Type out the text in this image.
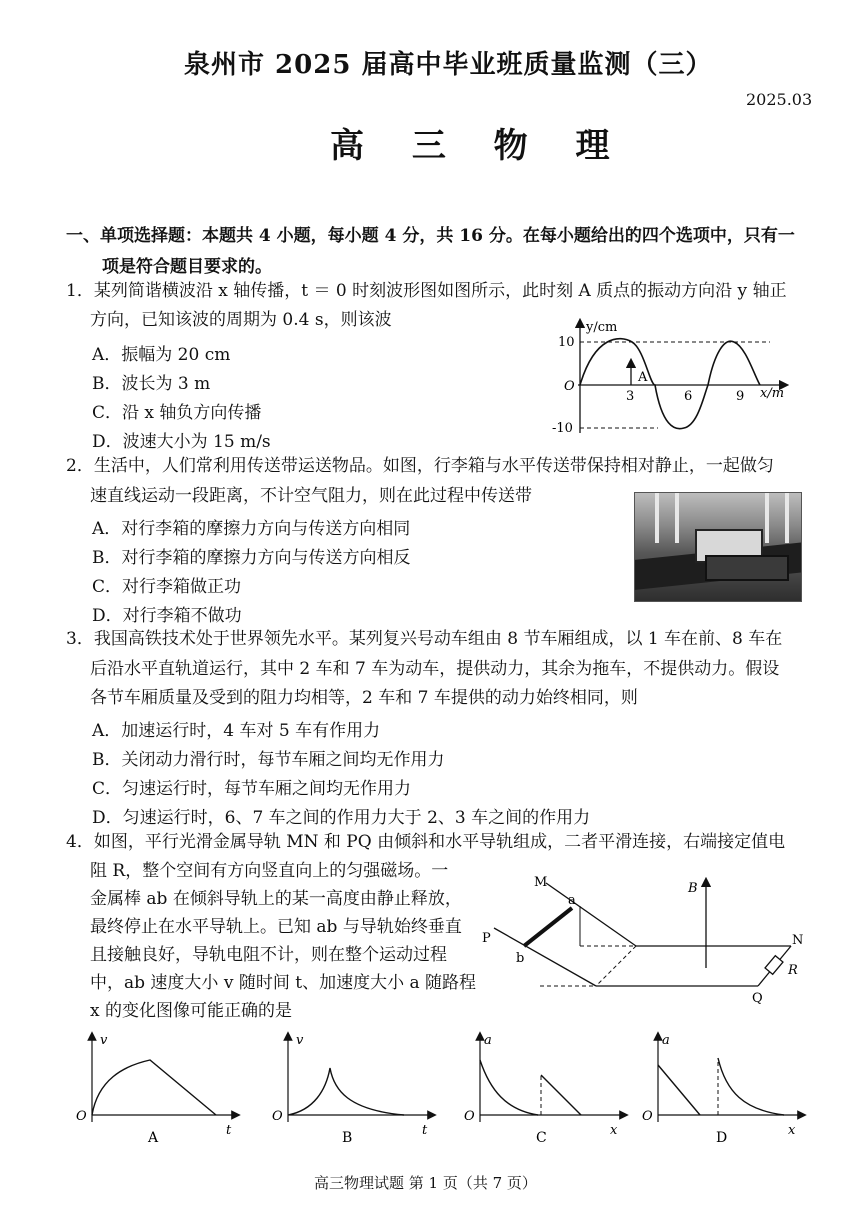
泉州市 2025 届高中毕业班质量监测（三）
2025.03
高 三 物 理
一、单项选择题：本题共 4 小题，每小题 4 分，共 16 分。在每小题给出的四个选项中，只有一
项是符合题目要求的。
1．某列简谐横波沿 x 轴传播，t ＝ 0 时刻波形图如图所示，此时刻 A 质点的振动方向沿 y 轴正
方向，已知该波的周期为 0.4 s，则该波
A．振幅为 20 cm
B．波长为 3 m
C．沿 x 轴负方向传播
D．波速大小为 15 m/s
y/cm
x/m
O
10
-10
3	6	9
A
2．生活中，人们常利用传送带运送物品。如图，行李箱与水平传送带保持相对静止，一起做匀
速直线运动一段距离，不计空气阻力，则在此过程中传送带
A．对行李箱的摩擦力方向与传送方向相同
B．对行李箱的摩擦力方向与传送方向相反
C．对行李箱做正功
D．对行李箱不做功
3．我国高铁技术处于世界领先水平。某列复兴号动车组由 8 节车厢组成，以 1 车在前、8 车在
后沿水平直轨道运行，其中 2 车和 7 车为动车，提供动力，其余为拖车，不提供动力。假设
各节车厢质量及受到的阻力均相等，2 车和 7 车提供的动力始终相同，则
A．加速运行时，4 车对 5 车有作用力
B．关闭动力滑行时，每节车厢之间均无作用力
C．匀速运行时，每节车厢之间均无作用力
D．匀速运行时，6、7 车之间的作用力大于 2、3 车之间的作用力
4．如图，平行光滑金属导轨 MN 和 PQ 由倾斜和水平导轨组成，二者平滑连接，右端接定值电
阻 R，整个空间有方向竖直向上的匀强磁场。一
金属棒 ab 在倾斜导轨上的某一高度由静止释放，
最终停止在水平导轨上。已知 ab 与导轨始终垂直
且接触良好，导轨电阻不计，则在整个运动过程
中，ab 速度大小 v 随时间 t、加速度大小 a 随路程
x 的变化图像可能正确的是
M
a
P
b
B
N
R
Q
v
O
t
A
v
O
t
B
a
O
x
C
a
O
x
D
高三物理试题 第 1 页（共 7 页）
